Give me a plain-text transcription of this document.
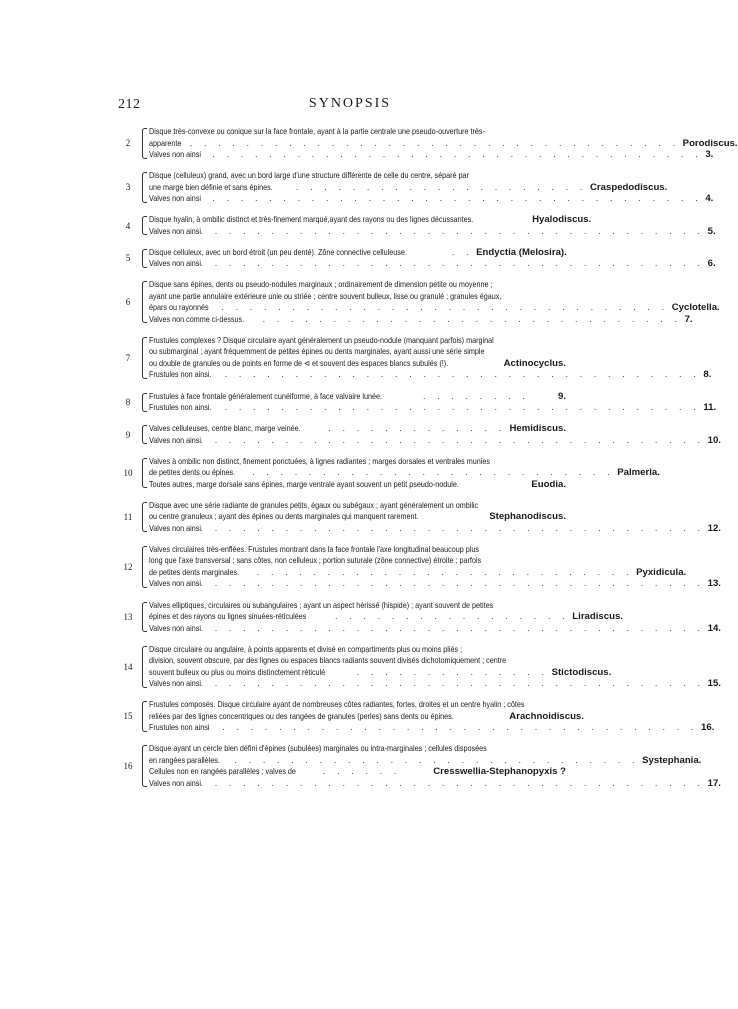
212	SYNOPSIS
2
Disque très-convexe ou conique sur la face frontale, ayant à la partie centrale une pseudo-ouverture très-
apparente . . . . . . . . . . . . . . . . . . . . . . . . . . . . . . . . . . . Porodiscus.
Valves non ainsi . . . . . . . . . . . . . . . . . . . . . . . . . . . . . . . . . . . 3.
3
Disque (celluleux) grand, avec un bord large d'une structure différente de celle du centre, séparé par
une marge bien définie et sans épines.	. . . . . . . . . . . . . . . . . . . . . Craspedodiscus.
Valves non ainsi . . . . . . . . . . . . . . . . . . . . . . . . . . . . . . . . . . . 4.
4
Disque hyalin, à ombilic distinct et très-finement marqué,ayant des rayons ou des lignes décussantes.	Hyalodiscus.
Valves non ainsi. . . . . . . . . . . . . . . . . . . . . . . . . . . . . . . . . . . . 5.
5
Disque celluleux, avec un bord étroit (un peu denté). Zône connective celluleuse.	. . Endyctia (Melosira).
Valves non ainsi. . . . . . . . . . . . . . . . . . . . . . . . . . . . . . . . . . . . 6.
6
Disque sans épines, dents ou pseudo-nodules marginaux ; ordinairement de dimension petite ou moyenne ;
ayant une partie annulaire extérieure unie ou striée ; centre souvent bulleux, lisse ou granulé ; granules égaux,
épars ou rayonnés . . . . . . . . . . . . . . . . . . . . . . . . . . . . . . . . Cyclotella.
Valves non comme ci-dessus. . . . . . . . . . . . . . . . . . . . . . . . . . . . . . . 7.
7
Frustules complexes ? Disque circulaire ayant généralement un pseudo-nodule (manquant parfois) marginal
ou submarginal ; ayant fréquemment de petites épines ou dents marginales, ayant aussi une série simple
ou double de granules ou de points en forme de ⊲ et souvent des espaces blancs subulés (!).	Actinocyclus.
Frustules non ainsi. . . . . . . . . . . . . . . . . . . . . . . . . . . . . . . . . . . 8.
8
Frustules à face frontale généralement cunéiforme, à face valvaire lunée.	. . . . . . . .	9.
Frustules non ainsi. . . . . . . . . . . . . . . . . . . . . . . . . . . . . . . . . . . 11.
9
Valves celluleuses, centre blanc, marge veinée.	. . . . . . . . . . . . . Hemidiscus.
Valves non ainsi. . . . . . . . . . . . . . . . . . . . . . . . . . . . . . . . . . . . 10.
10
Valves à ombilic non distinct, finement ponctuées, à lignes radiantes ; marges dorsales et ventrales munies
de petites dents ou épines. . . . . . . . . . . . . . . . . . . . . . . . . . . Palmeria.
Toutes autres, marge dorsale sans épines, marge ventrale ayant souvent un petit pseudo-nodule.	Euodia.
11
Disque avec une série radiante de granules petits, égaux ou subégaux ; ayant généralement un ombilic
ou centre granuleux ; ayant des épines ou dents marginales qui manquent rarement.	Stephanodiscus.
Valves non ainsi. . . . . . . . . . . . . . . . . . . . . . . . . . . . . . . . . . . . 12.
12
Valves circulaires très-enflées. Frustules montrant dans la face frontale l'axe longitudinal beaucoup plus
long que l'axe transversal ; sans côtes, non celluleux ; portion suturale (zône connective) étroite ; parfois
de petites dents marginales. . . . . . . . . . . . . . . . . . . . . . . . . . . . Pyxidicula.
Valves non ainsi. . . . . . . . . . . . . . . . . . . . . . . . . . . . . . . . . . . . 13.
13
Valves elliptiques, circulaires ou subangulaires ; ayant un aspect hérissé (hispide) ; ayant souvent de petites
épines et des rayons ou lignes sinuées-réticulées	. . . . . . . . . . . . . . . . . Liradiscus.
Valves non ainsi. . . . . . . . . . . . . . . . . . . . . . . . . . . . . . . . . . . . 14.
14
Disque circulaire ou angulaire, à points apparents et divisé en compartiments plus ou moins pliés ;
division, souvent obscure, par des lignes ou espaces blancs radiants souvent divisés dichotomiquement ; centre
souvent bulleux ou plus ou moins distinctement réticulé	. . . . . . . . . . . . . . Stictodiscus.
Valves non ainsi. . . . . . . . . . . . . . . . . . . . . . . . . . . . . . . . . . . . 15.
15
Frustules composés. Disque circulaire ayant de nombreuses côtes radiantes, fortes, droites et un centre hyalin ; côtes
reliées par des lignes concentriques ou des rangées de granules (perles) sans dents ou épines.	Arachnoidiscus.
Frustules non ainsi . . . . . . . . . . . . . . . . . . . . . . . . . . . . . . . . . . 16.
16
Disque ayant un cercle bien défini d'épines (subulées) marginales ou intra-marginales ; cellules disposées
en rangées parallèles. . . . . . . . . . . . . . . . . . . . . . . . . . . . . . Systephania.
Cellules non en rangées parallèles ; valves de	. . . . . .	Cresswellia-Stephanopyxis ?
Valves non ainsi. . . . . . . . . . . . . . . . . . . . . . . . . . . . . . . . . . . . 17.
